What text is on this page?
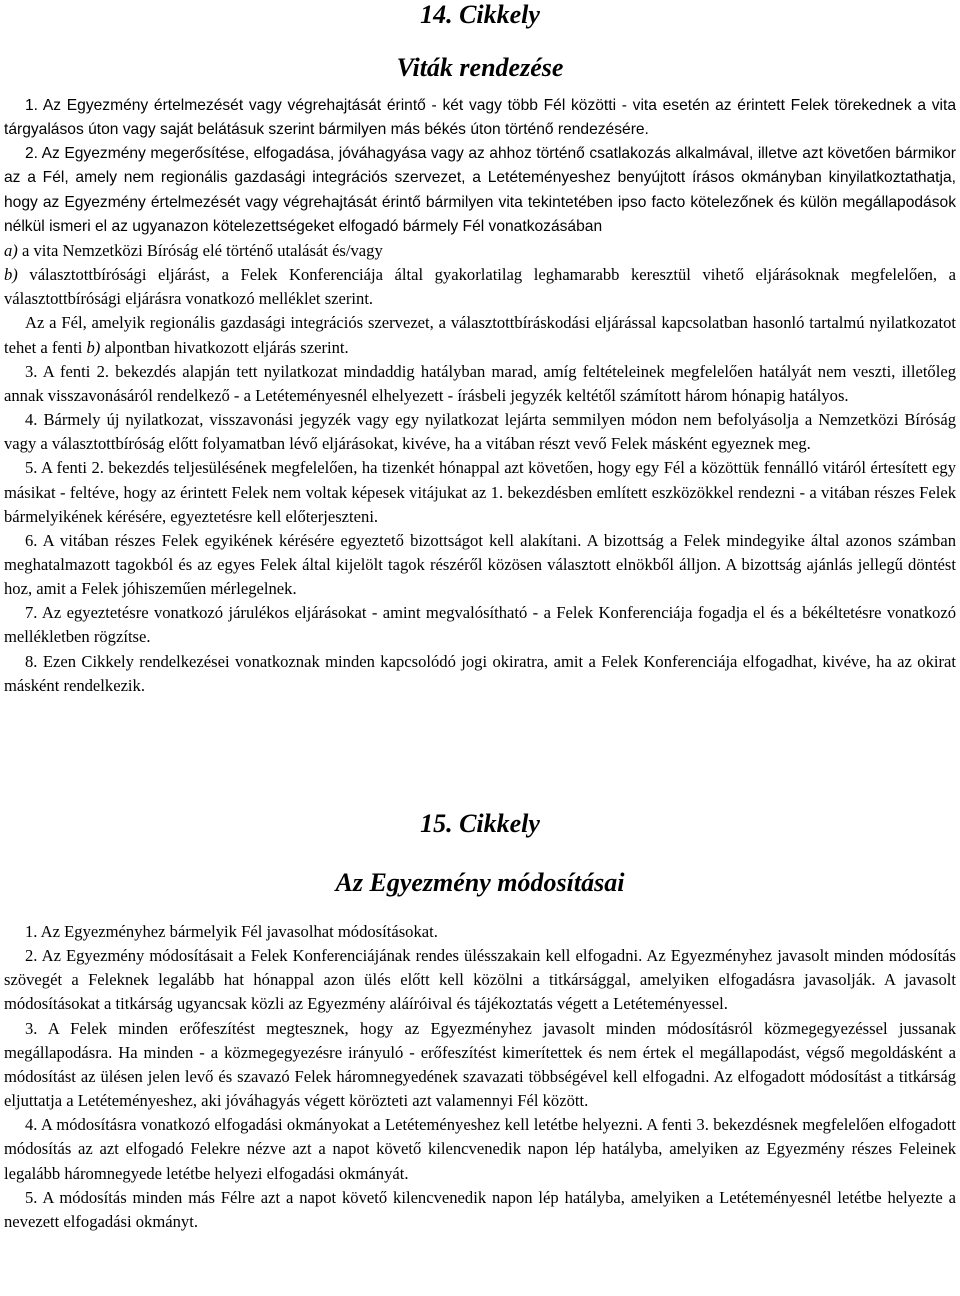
14. Cikkely
Viták rendezése

1. Az Egyezmény értelmezését vagy végrehajtását érintő - két vagy több Fél közötti - vita esetén az érintett Felek törekednek a vita tárgyalásos úton vagy saját belátásuk szerint bármilyen más békés úton történő rendezésére.

2. Az Egyezmény megerősítése, elfogadása, jóváhagyása vagy az ahhoz történő csatlakozás alkalmával, illetve azt követően bármikor az a Fél, amely nem regionális gazdasági integrációs szervezet, a Letéteményeshez benyújtott írásos okmányban kinyilatkoztathatja, hogy az Egyezmény értelmezését vagy végrehajtását érintő bármilyen vita tekintetében ipso facto kötelezőnek és külön megállapodások nélkül ismeri el az ugyanazon kötelezettségeket elfogadó bármely Fél vonatkozásában

a) a vita Nemzetközi Bíróság elé történő utalását és/vagy

b) választottbírósági eljárást, a Felek Konferenciája által gyakorlatilag leghamarabb keresztül vihető eljárásoknak megfelelően, a választottbírósági eljárásra vonatkozó melléklet szerint.

Az a Fél, amelyik regionális gazdasági integrációs szervezet, a választottbíráskodási eljárással kapcsolatban hasonló tartalmú nyilatkozatot tehet a fenti b) alpontban hivatkozott eljárás szerint.

3. A fenti 2. bekezdés alapján tett nyilatkozat mindaddig hatályban marad, amíg feltételeinek megfelelően hatályát nem veszti, illetőleg annak visszavonásáról rendelkező - a Letéteményesnél elhelyezett - írásbeli jegyzék keltétől számított három hónapig hatályos.

4. Bármely új nyilatkozat, visszavonási jegyzék vagy egy nyilatkozat lejárta semmilyen módon nem befolyásolja a Nemzetközi Bíróság vagy a választottbíróság előtt folyamatban lévő eljárásokat, kivéve, ha a vitában részt vevő Felek másként egyeznek meg.

5. A fenti 2. bekezdés teljesülésének megfelelően, ha tizenkét hónappal azt követően, hogy egy Fél a közöttük fennálló vitáról értesített egy másikat - feltéve, hogy az érintett Felek nem voltak képesek vitájukat az 1. bekezdésben említett eszközökkel rendezni - a vitában részes Felek bármelyikének kérésére, egyeztetésre kell előterjeszteni.

6. A vitában részes Felek egyikének kérésére egyeztető bizottságot kell alakítani. A bizottság a Felek mindegyike által azonos számban meghatalmazott tagokból és az egyes Felek által kijelölt tagok részéről közösen választott elnökből álljon. A bizottság ajánlás jellegű döntést hoz, amit a Felek jóhiszeműen mérlegelnek.

7. Az egyeztetésre vonatkozó járulékos eljárásokat - amint megvalósítható - a Felek Konferenciája fogadja el és a békéltetésre vonatkozó mellékletben rögzítse.

8. Ezen Cikkely rendelkezései vonatkoznak minden kapcsolódó jogi okiratra, amit a Felek Konferenciája elfogadhat, kivéve, ha az okirat másként rendelkezik.

15. Cikkely
Az Egyezmény módosításai

1. Az Egyezményhez bármelyik Fél javasolhat módosításokat.

2. Az Egyezmény módosításait a Felek Konferenciájának rendes ülésszakain kell elfogadni. Az Egyezményhez javasolt minden módosítás szövegét a Feleknek legalább hat hónappal azon ülés előtt kell közölni a titkársággal, amelyiken elfogadásra javasolják. A javasolt módosításokat a titkárság ugyancsak közli az Egyezmény aláíróival és tájékoztatás végett a Letéteményessel.

3. A Felek minden erőfeszítést megtesznek, hogy az Egyezményhez javasolt minden módosításról közmegegyezéssel jussanak megállapodásra. Ha minden - a közmegegyezésre irányuló - erőfeszítést kimerítettek és nem értek el megállapodást, végső megoldásként a módosítást az ülésen jelen levő és szavazó Felek háromnegyedének szavazati többségével kell elfogadni. Az elfogadott módosítást a titkárság eljuttatja a Letéteményeshez, aki jóváhagyás végett körözteti azt valamennyi Fél között.

4. A módosításra vonatkozó elfogadási okmányokat a Letéteményeshez kell letétbe helyezni. A fenti 3. bekezdésnek megfelelően elfogadott módosítás az azt elfogadó Felekre nézve azt a napot követő kilencvenedik napon lép hatályba, amelyiken az Egyezmény részes Feleinek legalább háromnegyede letétbe helyezi elfogadási okmányát.

5. A módosítás minden más Félre azt a napot követő kilencvenedik napon lép hatályba, amelyiken a Letéteményesnél letétbe helyezte a nevezett elfogadási okmányt.
